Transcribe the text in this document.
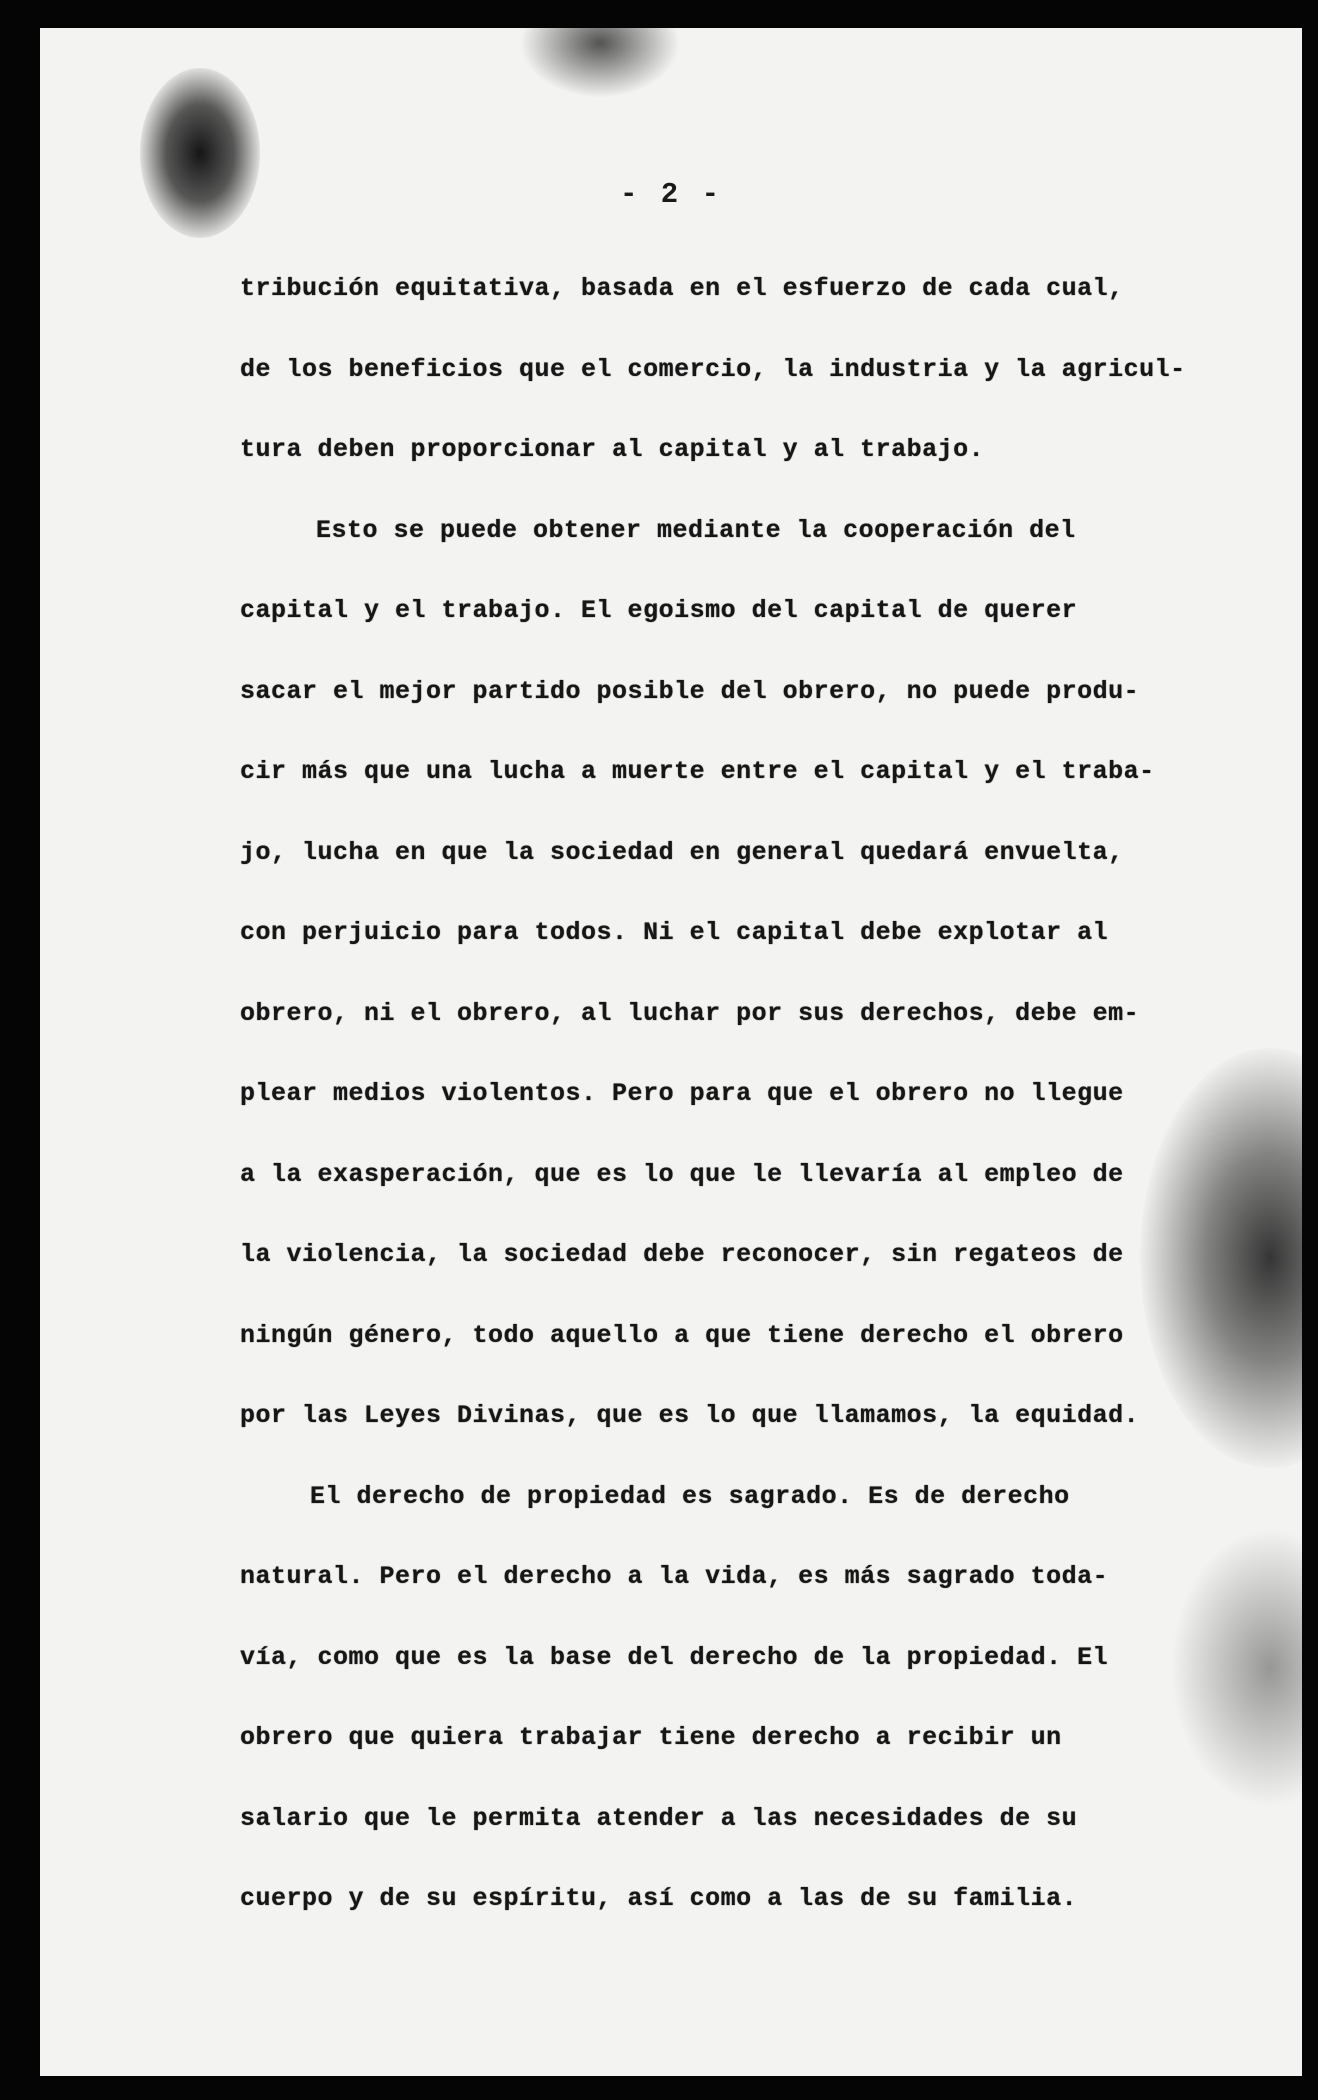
- 2 -
tribución equitativa, basada en el esfuerzo de cada cual,
de los beneficios que el comercio, la industria y la agricul-
tura deben proporcionar al capital y al trabajo.
Esto se puede obtener mediante la cooperación del
capital y el trabajo. El egoismo del capital de querer
sacar el mejor partido posible del obrero, no puede produ-
cir más que una lucha a muerte entre el capital y el traba-
jo, lucha en que la sociedad en general quedará envuelta,
con perjuicio para todos. Ni el capital debe explotar al
obrero, ni el obrero, al luchar por sus derechos, debe em-
plear medios violentos. Pero para que el obrero no llegue
a la exasperación, que es lo que le llevaría al empleo de
la violencia, la sociedad debe reconocer, sin regateos de
ningún género, todo aquello a que tiene derecho el obrero
por las Leyes Divinas, que es lo que llamamos, la equidad.
El derecho de propiedad es sagrado. Es de derecho
natural. Pero el derecho a la vida, es más sagrado toda-
vía, como que es la base del derecho de la propiedad. El
obrero que quiera trabajar tiene derecho a recibir un
salario que le permita atender a las necesidades de su
cuerpo y de su espíritu, así como a las de su familia.
